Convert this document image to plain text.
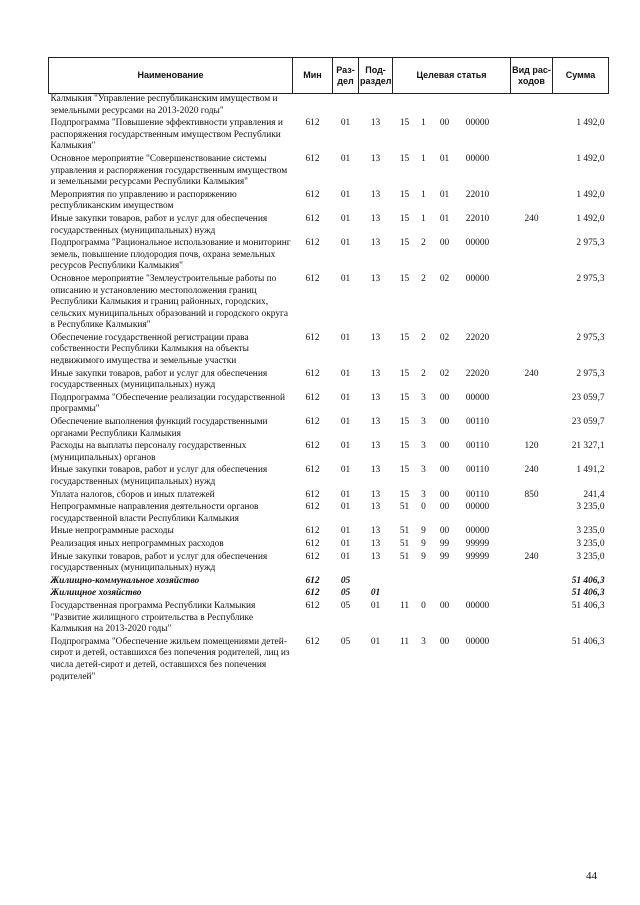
Наименование	Мин	Раз-дел	Под-раздел	Целевая статья	Вид рас-ходов	Сумма
Калмыкия "Управление республиканским имуществом и земельными ресурсами на 2013-2020 годы"						
Подпрограмма "Повышение эффективности управления и распоряжения государственным имуществом Республики Калмыкия"	612	01	13	15 1 00 00000		1 492,0
Основное мероприятие "Совершенствование системы управления и распоряжения государственным имуществом и земельными ресурсами Республики Калмыкия"	612	01	13	15 1 01 00000		1 492,0
Мероприятия по управлению и распоряжению республиканским имуществом	612	01	13	15 1 01 22010		1 492,0
Иные закупки товаров, работ и услуг для обеспечения государственных (муниципальных) нужд	612	01	13	15 1 01 22010	240	1 492,0
Подпрограмма "Рациональное использование и мониторинг земель, повышение плодородия почв, охрана земельных ресурсов Республики Калмыкия"	612	01	13	15 2 00 00000		2 975,3
Основное мероприятие "Землеустроительные работы по описанию и установлению местоположения границ Республики Калмыкия и границ районных, городских, сельских муниципальных образований и городского округа в Республике Калмыкия"	612	01	13	15 2 02 00000		2 975,3
Обеспечение государственной регистрации права собственности Республики Калмыкия на объекты недвижимого имущества и земельные участки	612	01	13	15 2 02 22020		2 975,3
Иные закупки товаров, работ и услуг для обеспечения государственных (муниципальных) нужд	612	01	13	15 2 02 22020	240	2 975,3
Подпрограмма "Обеспечение реализации государственной программы"	612	01	13	15 3 00 00000		23 059,7
Обеспечение выполнения функций государственными органами Республики Калмыкия	612	01	13	15 3 00 00110		23 059,7
Расходы на выплаты персоналу государственных (муниципальных) органов	612	01	13	15 3 00 00110	120	21 327,1
Иные закупки товаров, работ и услуг для обеспечения государственных (муниципальных) нужд	612	01	13	15 3 00 00110	240	1 491,2
Уплата налогов, сборов и иных платежей	612	01	13	15 3 00 00110	850	241,4
Непрограммные направления деятельности органов государственной власти Республики Калмыкия	612	01	13	51 0 00 00000		3 235,0
Иные непрограммные расходы	612	01	13	51 9 00 00000		3 235,0
Реализация иных непрограммных расходов	612	01	13	51 9 99 99999		3 235,0
Иные закупки товаров, работ и услуг для обеспечения государственных (муниципальных) нужд	612	01	13	51 9 99 99999	240	3 235,0
Жилищно-коммунальное хозяйство	612	05				51 406,3
Жилищное хозяйство	612	05	01			51 406,3
Государственная программа Республики Калмыкия "Развитие жилищного строительства в Республике Калмыкия на 2013-2020 годы"	612	05	01	11 0 00 00000		51 406,3
Подпрограмма "Обеспечение жильем помещениями детей-сирот и детей, оставшихся без попечения родителей, лиц из числа детей-сирот и детей, оставшихся без попечения родителей"	612	05	01	11 3 00 00000		51 406,3
44
